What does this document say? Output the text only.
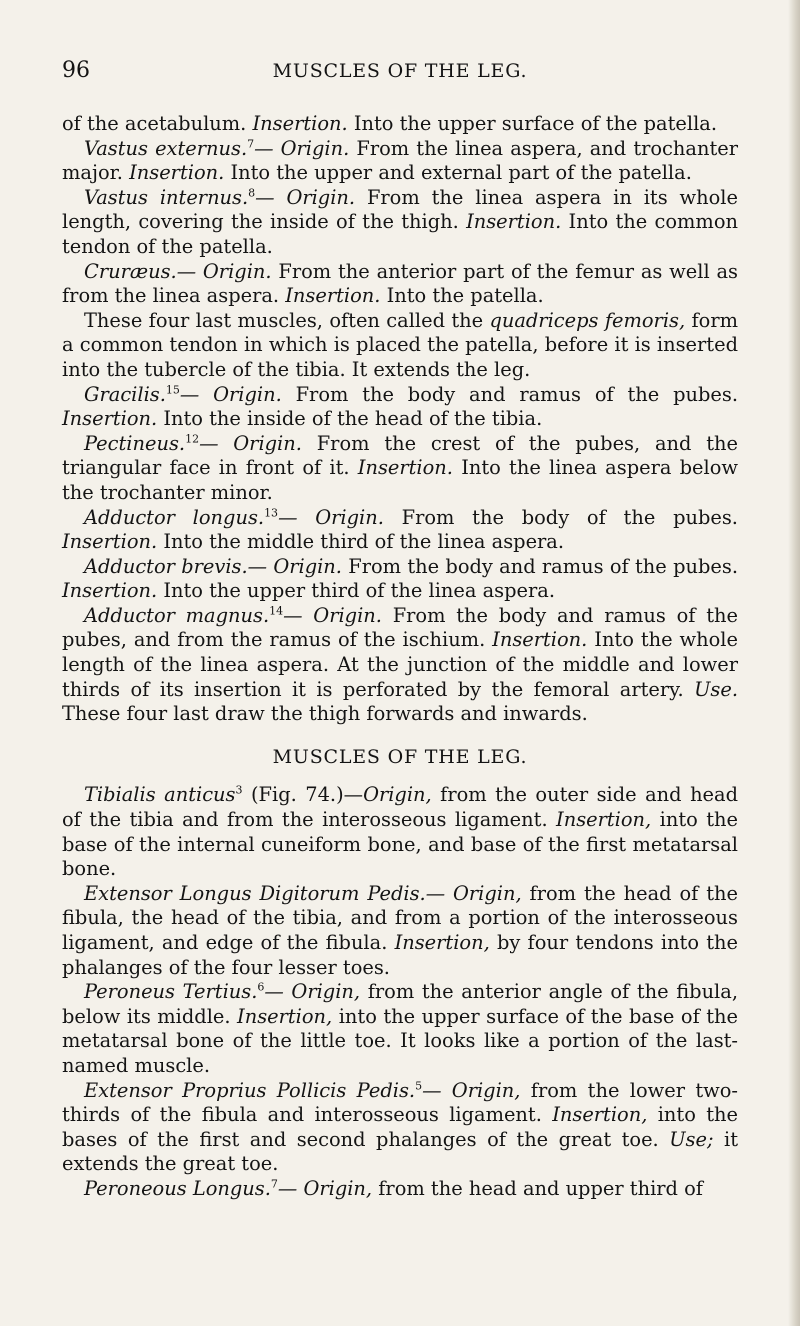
96	MUSCLES OF THE LEG.

of the acetabulum. Insertion. Into the upper surface of the patella.

Vastus externus.$^7$— Origin. From the linea aspera, and trochanter major. Insertion. Into the upper and external part of the patella.

Vastus internus.$^8$— Origin. From the linea aspera in its whole length, covering the inside of the thigh. Insertion. Into the common tendon of the patella.

Cruræus.— Origin. From the anterior part of the femur as well as from the linea aspera. Insertion. Into the patella.

These four last muscles, often called the quadriceps femoris, form a common tendon in which is placed the patella, before it is inserted into the tubercle of the tibia. It extends the leg.

Gracilis.$^{15}$— Origin. From the body and ramus of the pubes. Insertion. Into the inside of the head of the tibia.

Pectineus.$^{12}$— Origin. From the crest of the pubes, and the triangular face in front of it. Insertion. Into the linea aspera below the trochanter minor.

Adductor longus.$^{13}$— Origin. From the body of the pubes. Insertion. Into the middle third of the linea aspera.

Adductor brevis.— Origin. From the body and ramus of the pubes. Insertion. Into the upper third of the linea aspera.

Adductor magnus.$^{14}$— Origin. From the body and ramus of the pubes, and from the ramus of the ischium. Insertion. Into the whole length of the linea aspera. At the junction of the middle and lower thirds of its insertion it is perforated by the femoral artery. Use. These four last draw the thigh forwards and inwards.

MUSCLES OF THE LEG.

Tibialis anticus$^3$ (Fig. 74.)—Origin, from the outer side and head of the tibia and from the interosseous ligament. Insertion, into the base of the internal cuneiform bone, and base of the first metatarsal bone.

Extensor Longus Digitorum Pedis.— Origin, from the head of the fibula, the head of the tibia, and from a portion of the interosseous ligament, and edge of the fibula. Insertion, by four tendons into the phalanges of the four lesser toes.

Peroneus Tertius.$^6$— Origin, from the anterior angle of the fibula, below its middle. Insertion, into the upper surface of the base of the metatarsal bone of the little toe. It looks like a portion of the last-named muscle.

Extensor Proprius Pollicis Pedis.$^5$— Origin, from the lower two-thirds of the fibula and interosseous ligament. Insertion, into the bases of the first and second phalanges of the great toe. Use; it extends the great toe.

Peroneous Longus.$^7$— Origin, from the head and upper third of
